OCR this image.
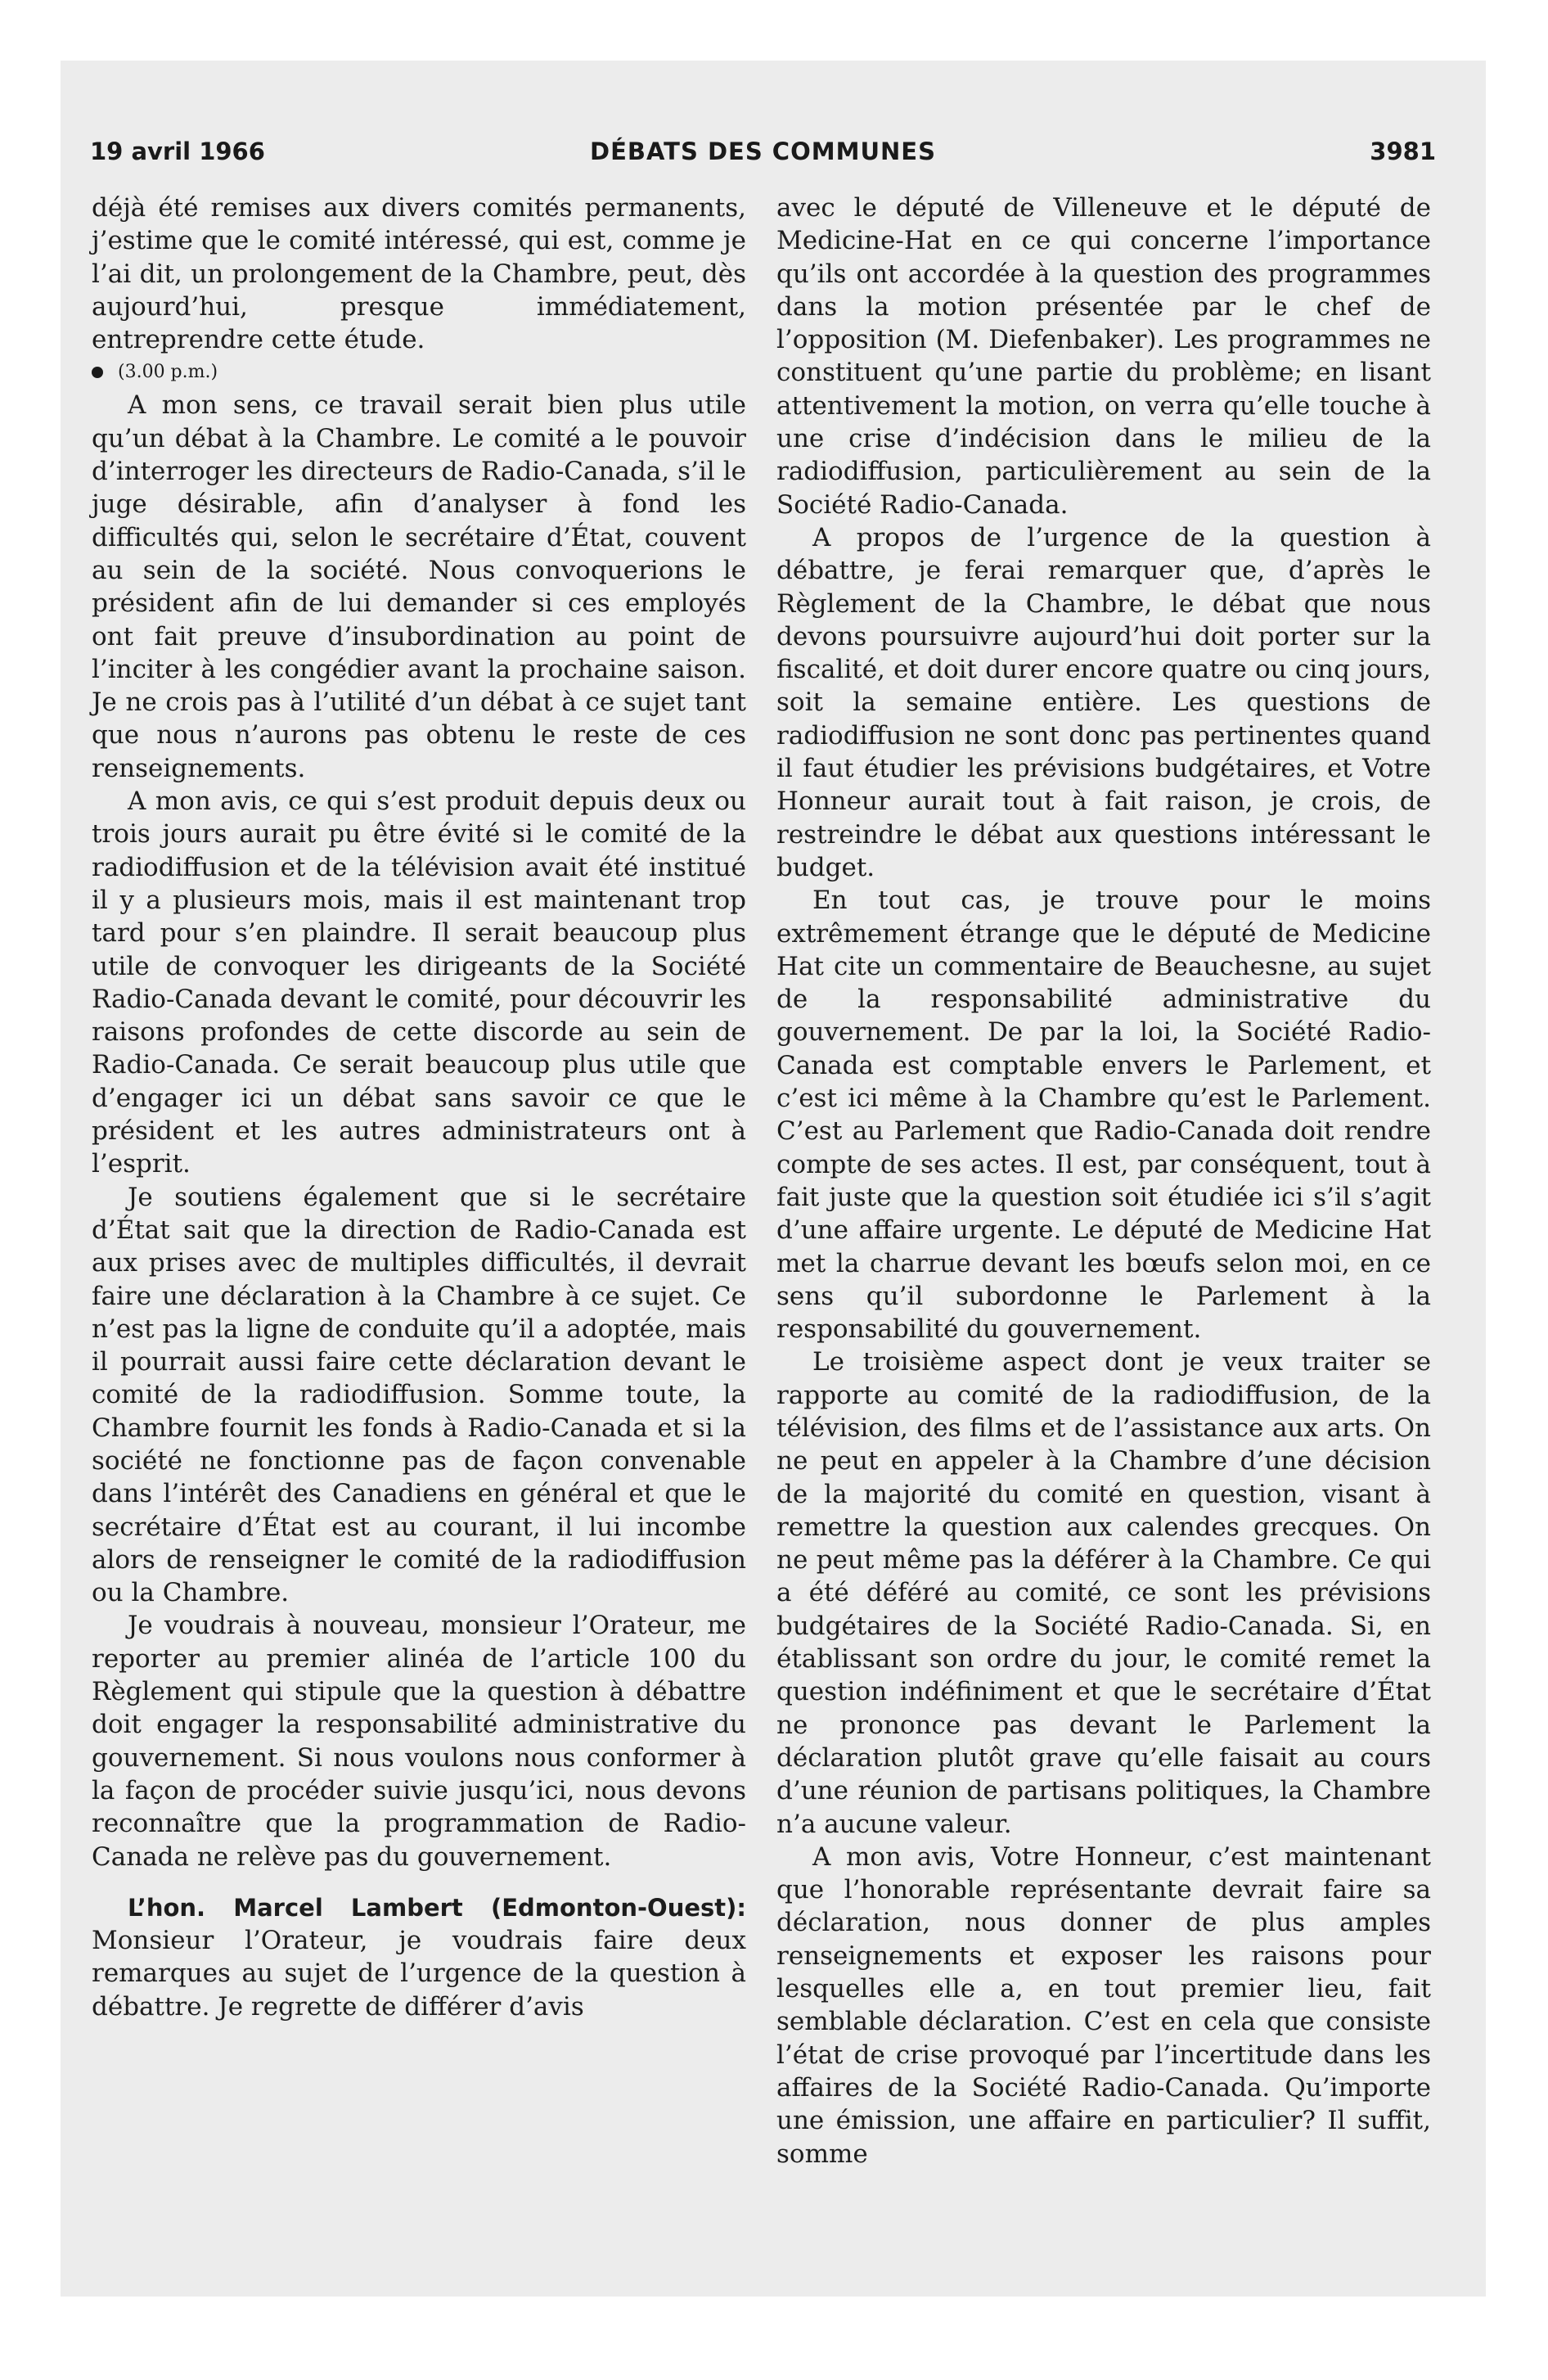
19 avril 1966	DÉBATS DES COMMUNES	3981

déjà été remises aux divers comités permanents, j’estime que le comité intéressé, qui est, comme je l’ai dit, un prolongement de la Chambre, peut, dès aujourd’hui, presque immédiatement, entreprendre cette étude.

(3.00 p.m.)

A mon sens, ce travail serait bien plus utile qu’un débat à la Chambre. Le comité a le pouvoir d’interroger les directeurs de Radio-Canada, s’il le juge désirable, afin d’analyser à fond les difficultés qui, selon le secrétaire d’État, couvent au sein de la société. Nous convoquerions le président afin de lui demander si ces employés ont fait preuve d’insubordination au point de l’inciter à les congédier avant la prochaine saison. Je ne crois pas à l’utilité d’un débat à ce sujet tant que nous n’aurons pas obtenu le reste de ces renseignements.

A mon avis, ce qui s’est produit depuis deux ou trois jours aurait pu être évité si le comité de la radiodiffusion et de la télévision avait été institué il y a plusieurs mois, mais il est maintenant trop tard pour s’en plaindre. Il serait beaucoup plus utile de convoquer les dirigeants de la Société Radio-Canada devant le comité, pour découvrir les raisons profondes de cette discorde au sein de Radio-Canada. Ce serait beaucoup plus utile que d’engager ici un débat sans savoir ce que le président et les autres administrateurs ont à l’esprit.

Je soutiens également que si le secrétaire d’État sait que la direction de Radio-Canada est aux prises avec de multiples difficultés, il devrait faire une déclaration à la Chambre à ce sujet. Ce n’est pas la ligne de conduite qu’il a adoptée, mais il pourrait aussi faire cette déclaration devant le comité de la radiodiffusion. Somme toute, la Chambre fournit les fonds à Radio-Canada et si la société ne fonctionne pas de façon convenable dans l’intérêt des Canadiens en général et que le secrétaire d’État est au courant, il lui incombe alors de renseigner le comité de la radiodiffusion ou la Chambre.

Je voudrais à nouveau, monsieur l’Orateur, me reporter au premier alinéa de l’article 100 du Règlement qui stipule que la question à débattre doit engager la responsabilité administrative du gouvernement. Si nous voulons nous conformer à la façon de procéder suivie jusqu’ici, nous devons reconnaître que la programmation de Radio-Canada ne relève pas du gouvernement.

L’hon. Marcel Lambert (Edmonton-Ouest): Monsieur l’Orateur, je voudrais faire deux remarques au sujet de l’urgence de la question à débattre. Je regrette de différer d’avis

avec le député de Villeneuve et le député de Medicine-Hat en ce qui concerne l’importance qu’ils ont accordée à la question des programmes dans la motion présentée par le chef de l’opposition (M. Diefenbaker). Les programmes ne constituent qu’une partie du problème; en lisant attentivement la motion, on verra qu’elle touche à une crise d’indécision dans le milieu de la radiodiffusion, particulièrement au sein de la Société Radio-Canada.

A propos de l’urgence de la question à débattre, je ferai remarquer que, d’après le Règlement de la Chambre, le débat que nous devons poursuivre aujourd’hui doit porter sur la fiscalité, et doit durer encore quatre ou cinq jours, soit la semaine entière. Les questions de radiodiffusion ne sont donc pas pertinentes quand il faut étudier les prévisions budgétaires, et Votre Honneur aurait tout à fait raison, je crois, de restreindre le débat aux questions intéressant le budget.

En tout cas, je trouve pour le moins extrêmement étrange que le député de Medicine Hat cite un commentaire de Beauchesne, au sujet de la responsabilité administrative du gouvernement. De par la loi, la Société Radio-Canada est comptable envers le Parlement, et c’est ici même à la Chambre qu’est le Parlement. C’est au Parlement que Radio-Canada doit rendre compte de ses actes. Il est, par conséquent, tout à fait juste que la question soit étudiée ici s’il s’agit d’une affaire urgente. Le député de Medicine Hat met la charrue devant les bœufs selon moi, en ce sens qu’il subordonne le Parlement à la responsabilité du gouvernement.

Le troisième aspect dont je veux traiter se rapporte au comité de la radiodiffusion, de la télévision, des films et de l’assistance aux arts. On ne peut en appeler à la Chambre d’une décision de la majorité du comité en question, visant à remettre la question aux calendes grecques. On ne peut même pas la déférer à la Chambre. Ce qui a été déféré au comité, ce sont les prévisions budgétaires de la Société Radio-Canada. Si, en établissant son ordre du jour, le comité remet la question indéfiniment et que le secrétaire d’État ne prononce pas devant le Parlement la déclaration plutôt grave qu’elle faisait au cours d’une réunion de partisans politiques, la Chambre n’a aucune valeur.

A mon avis, Votre Honneur, c’est maintenant que l’honorable représentante devrait faire sa déclaration, nous donner de plus amples renseignements et exposer les raisons pour lesquelles elle a, en tout premier lieu, fait semblable déclaration. C’est en cela que consiste l’état de crise provoqué par l’incertitude dans les affaires de la Société Radio-Canada. Qu’importe une émission, une affaire en particulier? Il suffit, somme
